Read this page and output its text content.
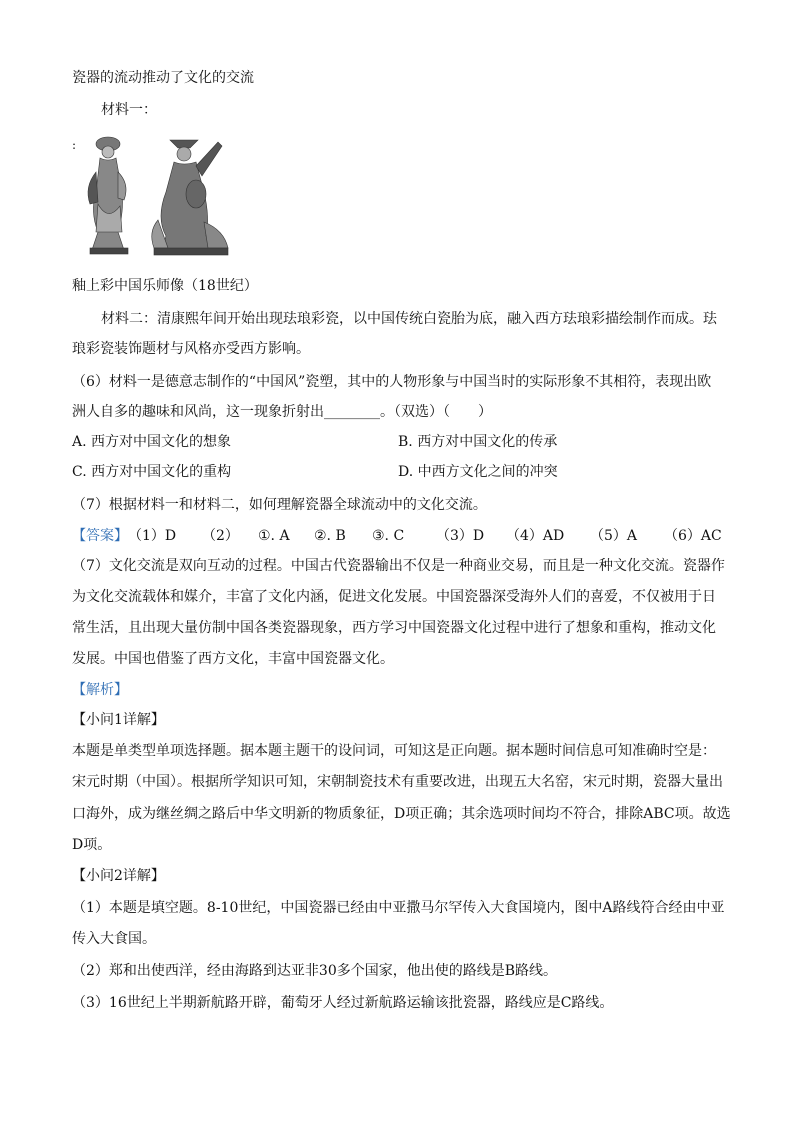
瓷器的流动推动了文化的交流
材料一：
:
釉上彩中国乐师像（18世纪）
材料二：清康熙年间开始出现珐琅彩瓷，以中国传统白瓷胎为底，融入西方珐琅彩描绘制作而成。珐
琅彩瓷装饰题材与风格亦受西方影响。
（6）材料一是德意志制作的“中国风”瓷塑，其中的人物形象与中国当时的实际形象不其相符，表现出欧
洲人自多的趣味和风尚，这一现象折射出________。（双选）（　　）
A. 西方对中国文化的想象	B. 西方对中国文化的传承
C. 西方对中国文化的重构	D. 中西方文化之间的冲突
（7）根据材料一和材料二，如何理解瓷器全球流动中的文化交流。
【答案】 （1）D （2） ①. A ②. B ③. C （3）D （4）AD （5）A （6）AC
（7）文化交流是双向互动的过程。中国古代瓷器输出不仅是一种商业交易，而且是一种文化交流。瓷器作
为文化交流载体和媒介，丰富了文化内涵，促进文化发展。中国瓷器深受海外人们的喜爱，不仅被用于日
常生活，且出现大量仿制中国各类瓷器现象，西方学习中国瓷器文化过程中进行了想象和重构，推动文化
发展。中国也借鉴了西方文化，丰富中国瓷器文化。
【解析】
【小问1详解】
本题是单类型单项选择题。据本题主题干的设问词，可知这是正向题。据本题时间信息可知准确时空是：
宋元时期（中国）。根据所学知识可知，宋朝制瓷技术有重要改进，出现五大名窑，宋元时期，瓷器大量出
口海外，成为继丝绸之路后中华文明新的物质象征，D项正确；其余选项时间均不符合，排除ABC项。故选
D项。
【小问2详解】
（1）本题是填空题。8-10世纪，中国瓷器已经由中亚撒马尔罕传入大食国境内，图中A路线符合经由中亚
传入大食国。
（2）郑和出使西洋，经由海路到达亚非30多个国家，他出使的路线是B路线。
（3）16世纪上半期新航路开辟，葡萄牙人经过新航路运输该批瓷器，路线应是C路线。
